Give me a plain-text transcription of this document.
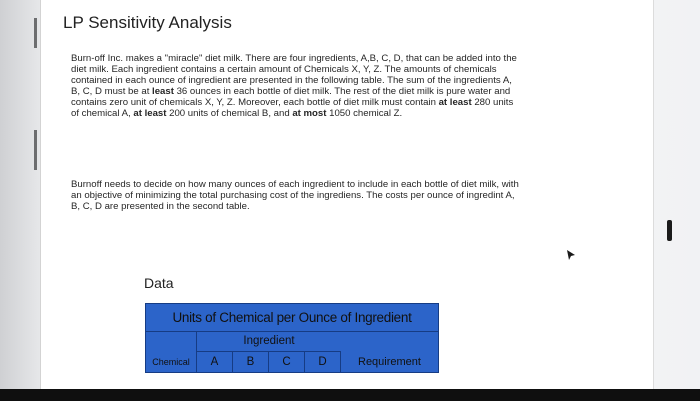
LP Sensitivity Analysis

Burn-off Inc. makes a "miracle" diet milk. There are four ingredients, A,B, C, D, that can be added into the diet milk. Each ingredient contains a certain amount of Chemicals X, Y, Z. The amounts of chemicals contained in each ounce of ingredient are presented in the following table. The sum of the ingredients A, B, C, D must be at least 36 ounces in each bottle of diet milk. The rest of the diet milk is pure water and contains zero unit of chemicals X, Y, Z. Moreover, each bottle of diet milk must contain at least 280 units of chemical A, at least 200 units of chemical B, and at most 1050 chemical Z.

Burnoff needs to decide on how many ounces of each ingredient to include in each bottle of diet milk, with an objective of minimizing the total purchasing cost of the ingrediens. The costs per ounce of ingredint A, B, C, D are presented in the second table.

Data
Units of Chemical per Ounce of Ingredient
Ingredient
Chemical	A	B	C	D	Requirement
